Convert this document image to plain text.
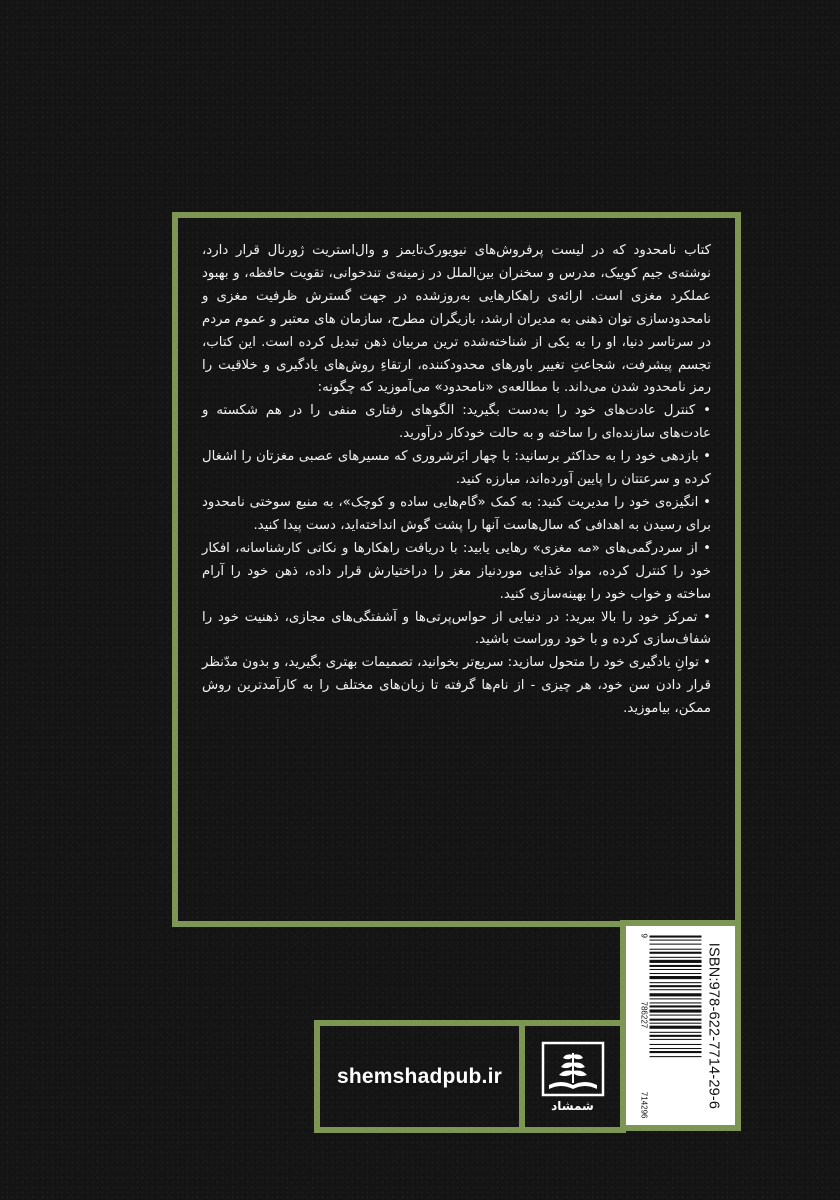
کتاب نامحدود که در لیست پرفروش‌های نیویورک‌تایمز و وال‌استریت ژورنال قرار دارد، نوشته‌ی جیم کوییک، مدرس و سخنران بین‌الملل در زمینه‌ی تندخوانی، تقویت حافظه، و بهبود عملکرد مغزی است. ارائه‌ی راهکارهایی به‌روزشده در جهت گسترش ظرفیت مغزی و نامحدودسازی توان ذهنی به مدیران ارشد، بازیگران مطرح، سازمان های معتبر و عموم مردم در سرتاسر دنیا، او را به یکی از شناخته‌شده ترین مربیان ذهن تبدیل کرده است. این کتاب، تجسم پیشرفت، شجاعتِ تغییر باورهای محدودکننده، ارتقاءِ روش‌های یادگیری و خلاقیت را رمز نامحدود شدن می‌داند. با مطالعه‌ی «نامحدود» می‌آموزید که چگونه:

• کنترل عادت‌های خود را به‌دست بگیرید: الگوهای رفتاری منفی را در هم شکسته و عادت‌های سازنده‌ای را ساخته و به حالت خودکار درآورید.

• بازدهی خود را به حداکثر برسانید: با چهار ابَرشروری که مسیرهای عصبی مغزتان را اشغال کرده و سرعتتان را پایین آورده‌اند، مبارزه کنید.

• انگیزه‌ی خود را مدیریت کنید: به کمک «گام‌هایی ساده و کوچک»، به منبع سوختی نامحدود برای رسیدن به اهدافی که سال‌هاست آنها را پشت گوش انداخته‌اید، دست پیدا کنید.

• از سردرگمی‌های «مه مغزی» رهایی یابید: با دریافت راهکارها و نکاتی کارشناسانه، افکار خود را کنترل کرده، مواد غذایی موردنیاز مغز را دراختیارش قرار داده، ذهن خود را آرام ساخته و خواب خود را بهینه‌سازی کنید.

• تمرکز خود را بالا ببرید: در دنیایی از حواس‌پرتی‌ها و آشفتگی‌های مجازی، ذهنیت خود را شفاف‌سازی کرده و با خود روراست باشید.

• توانِ یادگیری خود را متحول سازید: سریع‌تر بخوانید، تصمیمات بهتری بگیرید، و بدون مدّنظر قرار دادن سن خود، هر چیزی - از نام‌ها گرفته تا زبان‌های مختلف را به کارآمدترین روش ممکن، بیاموزید.

ISBN:978-622-7714-29-6
9
786227
714296
shemshadpub.ir
شمشاد
